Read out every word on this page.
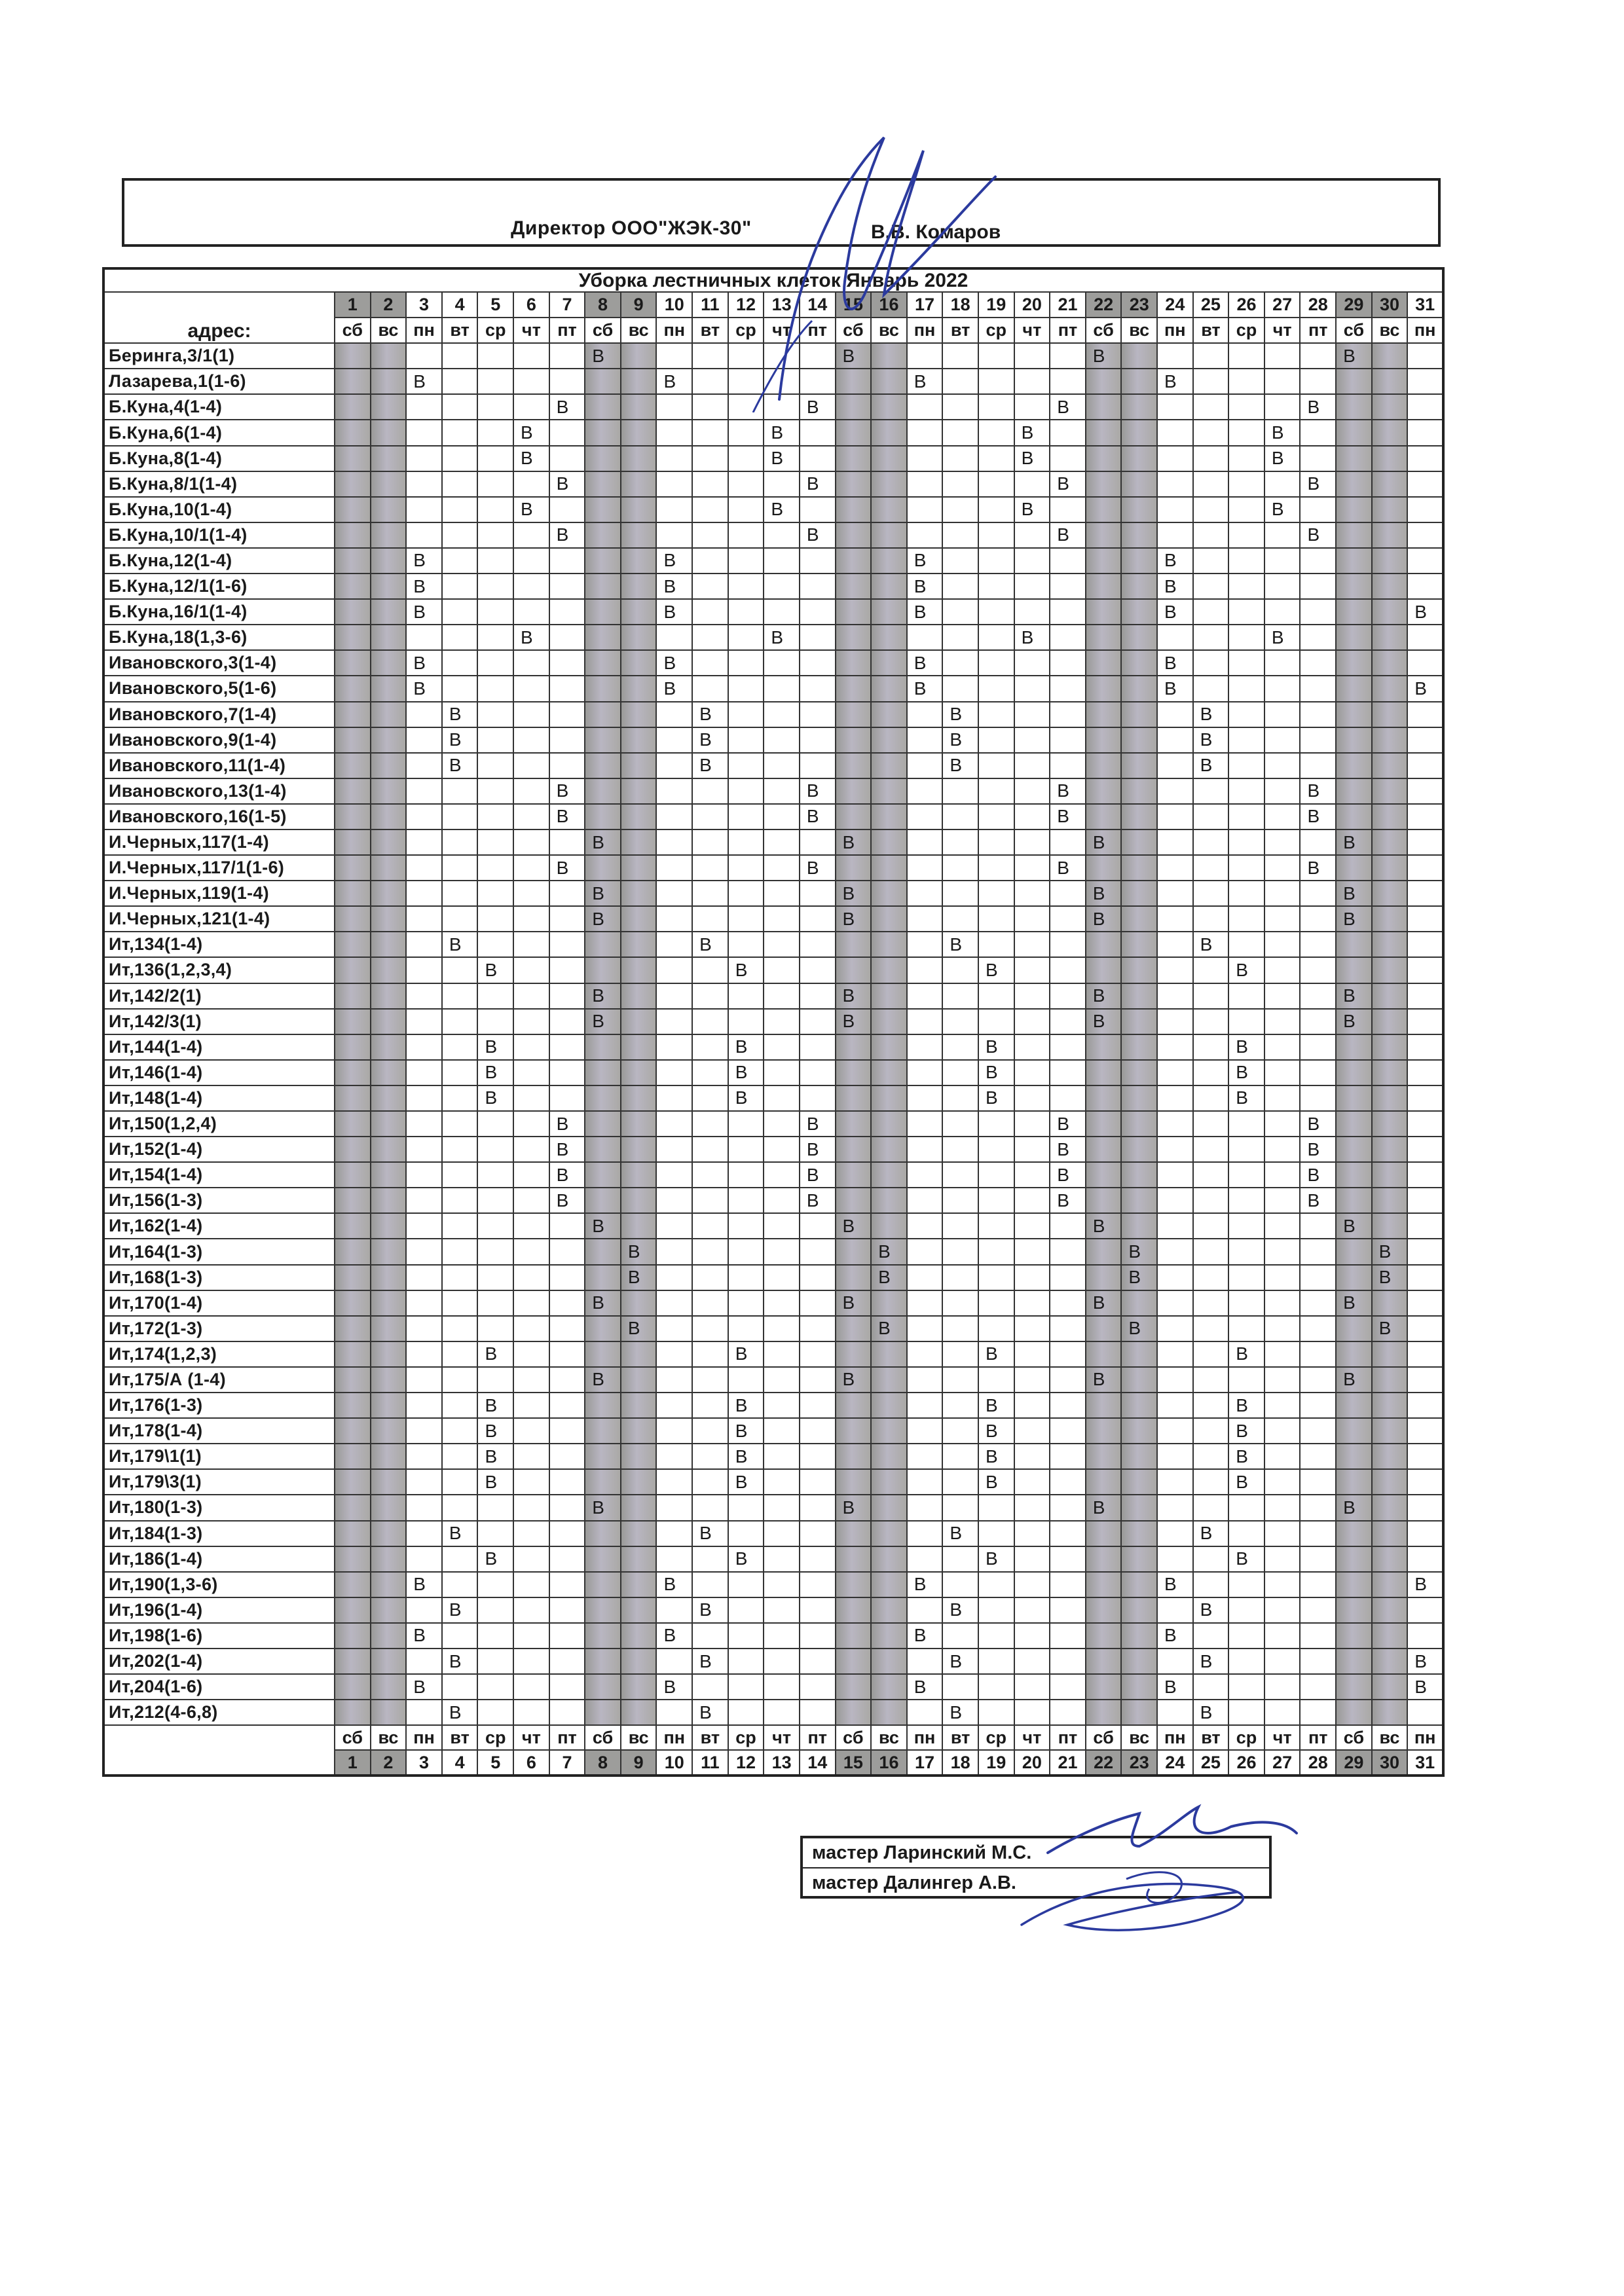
Директор ООО"ЖЭК-30"	В.В. Комаров
Уборка лестничных клеток Январь 2022																															
адрес:	1	2	3	4	5	6	7	8	9	10	11	12	13	14	15	16	17	18	19	20	21	22	23	24	25	26	27	28	29	30	31
	сб	вс	пн	вт	ср	чт	пт	сб	вс	пн	вт	ср	чт	пт	сб	вс	пн	вт	ср	чт	пт	сб	вс	пн	вт	ср	чт	пт	сб	вс	пн
Беринга,3/1(1)								В							В							В							В		
Лазарева,1(1-6)			В							В							В							В							
Б.Куна,4(1-4)							В							В							В							В			
Б.Куна,6(1-4)						В							В							В							В				
Б.Куна,8(1-4)						В							В							В							В				
Б.Куна,8/1(1-4)							В							В							В							В			
Б.Куна,10(1-4)						В							В							В							В				
Б.Куна,10/1(1-4)							В							В							В							В			
Б.Куна,12(1-4)			В							В							В							В							
Б.Куна,12/1(1-6)			В							В							В							В							
Б.Куна,16/1(1-4)			В							В							В							В							В
Б.Куна,18(1,3-6)						В							В							В							В				
Ивановского,3(1-4)			В							В							В							В							
Ивановского,5(1-6)			В							В							В							В							В
Ивановского,7(1-4)				В							В							В							В						
Ивановского,9(1-4)				В							В							В							В						
Ивановского,11(1-4)				В							В							В							В						
Ивановского,13(1-4)							В							В							В							В			
Ивановского,16(1-5)							В							В							В							В			
И.Черных,117(1-4)								В							В							В							В		
И.Черных,117/1(1-6)							В							В							В							В			
И.Черных,119(1-4)								В							В							В							В		
И.Черных,121(1-4)								В							В							В							В		
Ит,134(1-4)				В							В							В							В						
Ит,136(1,2,3,4)					В							В							В							В					
Ит,142/2(1)								В							В							В							В		
Ит,142/3(1)								В							В							В							В		
Ит,144(1-4)					В							В							В							В					
Ит,146(1-4)					В							В							В							В					
Ит,148(1-4)					В							В							В							В					
Ит,150(1,2,4)							В							В							В							В			
Ит,152(1-4)							В							В							В							В			
Ит,154(1-4)							В							В							В							В			
Ит,156(1-3)							В							В							В							В			
Ит,162(1-4)								В							В							В							В		
Ит,164(1-3)									В							В							В							В	
Ит,168(1-3)									В							В							В							В	
Ит,170(1-4)								В							В							В							В		
Ит,172(1-3)									В							В							В							В	
Ит,174(1,2,3)					В							В							В							В					
Ит,175/А (1-4)								В							В							В							В		
Ит,176(1-3)					В							В							В							В					
Ит,178(1-4)					В							В							В							В					
Ит,179\1(1)					В							В							В							В					
Ит,179\3(1)					В							В							В							В					
Ит,180(1-3)								В							В							В							В		
Ит,184(1-3)				В							В							В							В						
Ит,186(1-4)					В							В							В							В					
Ит,190(1,3-6)			В							В							В							В							В
Ит,196(1-4)				В							В							В							В						
Ит,198(1-6)			В							В							В							В							
Ит,202(1-4)				В							В							В							В						В
Ит,204(1-6)			В							В							В							В							В
Ит,212(4-6,8)				В							В							В							В						
	сб	вс	пн	вт	ср	чт	пт	сб	вс	пн	вт	ср	чт	пт	сб	вс	пн	вт	ср	чт	пт	сб	вс	пн	вт	ср	чт	пт	сб	вс	пн
	1	2	3	4	5	6	7	8	9	10	11	12	13	14	15	16	17	18	19	20	21	22	23	24	25	26	27	28	29	30	31
мастер Ларинский М.С.
мастер Далингер А.В.
